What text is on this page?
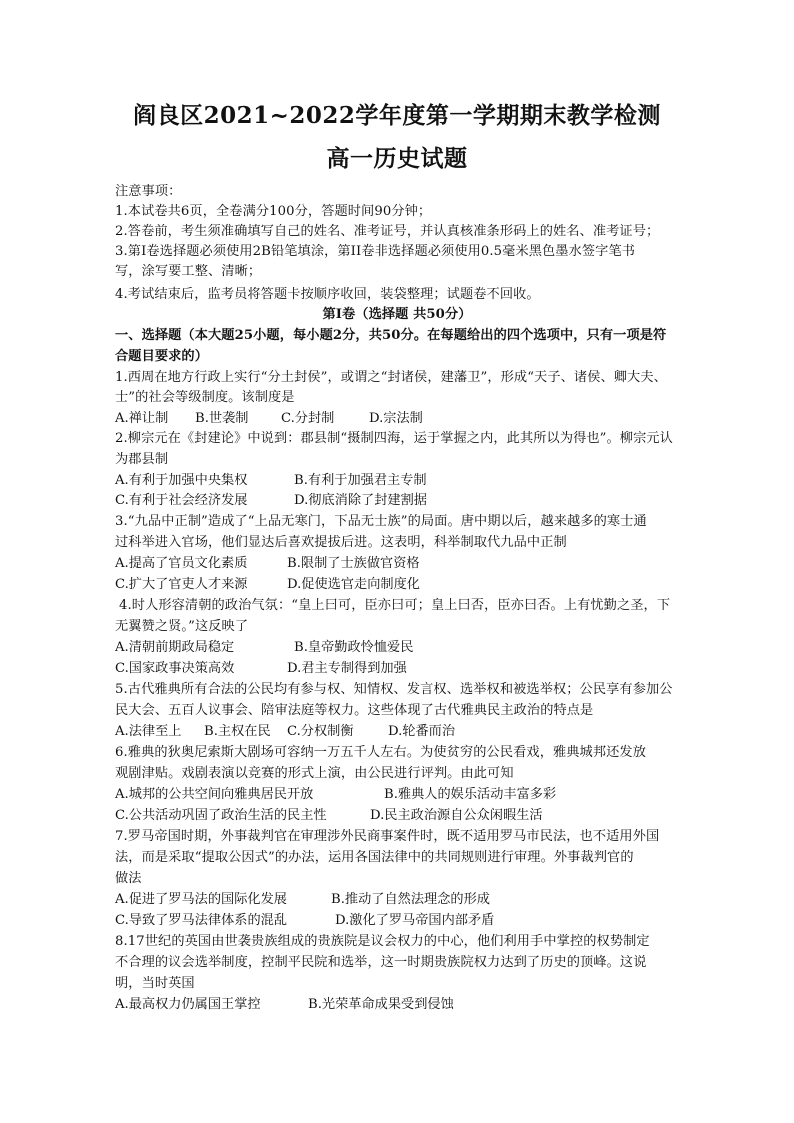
阎良区2021~2022学年度第一学期期末教学检测
高一历史试题
注意事项：
1.本试卷共6页，全卷满分100分，答题时间90分钟；
2.答卷前，考生须准确填写自己的姓名、准考证号，并认真核准条形码上的姓名、准考证号；
3.第I卷选择题必须使用2B铅笔填涂，第II卷非选择题必须使用0.5毫米黑色墨水签字笔书
写，涂写要工整、清晰；
4.考试结束后，监考员将答题卡按顺序收回，装袋整理；试题卷不回收。
第I卷（选择题 共50分）
一、选择题（本大题25小题，每小题2分，共50分。在每题给出的四个选项中，只有一项是符
合题目要求的）
1.西周在地方行政上实行“分土封侯”，或谓之“封诸侯，建藩卫”，形成“天子、诸侯、卿大夫、
士”的社会等级制度。该制度是
A.禅让制 B.世袭制 C.分封制	D.宗法制
2.柳宗元在《封建论》中说到：郡县制“摄制四海，运于掌握之内，此其所以为得也”。柳宗元认
为郡县制
A.有利于加强中央集权	B.有利于加强君主专制
C.有利于社会经济发展	D.彻底消除了封建割据
3.“九品中正制”造成了“上品无寒门，下品无士族”的局面。唐中期以后，越来越多的寒士通
过科举进入官场，他们显达后喜欢提拔后进。这表明，科举制取代九品中正制
A.提高了官员文化素质	B.限制了士族做官资格
C.扩大了官吏人才来源	D.促使选官走向制度化
4.时人形容清朝的政治气氛：“皇上曰可，臣亦曰可；皇上曰否，臣亦曰否。上有忧勤之圣，下
无翼赞之贤。”这反映了
A.清朝前期政局稳定	B.皇帝勤政怜恤爱民
C.国家政事决策高效	D.君主专制得到加强
5.古代雅典所有合法的公民均有参与权、知情权、发言权、选举权和被选举权；公民享有参加公
民大会、五百人议事会、陪审法庭等权力。这些体现了古代雅典民主政治的特点是
A.法律至上 B.主权在民 C.分权制衡	D.轮番而治
6.雅典的狄奥尼索斯大剧场可容纳一万五千人左右。为使贫穷的公民看戏，雅典城邦还发放
观剧津贴。戏剧表演以竞赛的形式上演，由公民进行评判。由此可知
A.城邦的公共空间向雅典居民开放	B.雅典人的娱乐活动丰富多彩
C.公共活动巩固了政治生活的民主性	D.民主政治源自公众闲暇生活
7.罗马帝国时期，外事裁判官在审理涉外民商事案件时，既不适用罗马市民法，也不适用外国
法，而是采取“提取公因式”的办法，运用各国法律中的共同规则进行审理。外事裁判官的
做法
A.促进了罗马法的国际化发展	B.推动了自然法理念的形成
C.导致了罗马法律体系的混乱	D.激化了罗马帝国内部矛盾
8.17世纪的英国由世袭贵族组成的贵族院是议会权力的中心，他们利用手中掌控的权势制定
不合理的议会选举制度，控制平民院和选举，这一时期贵族院权力达到了历史的顶峰。这说
明，当时英国
A.最高权力仍属国王掌控	B.光荣革命成果受到侵蚀
